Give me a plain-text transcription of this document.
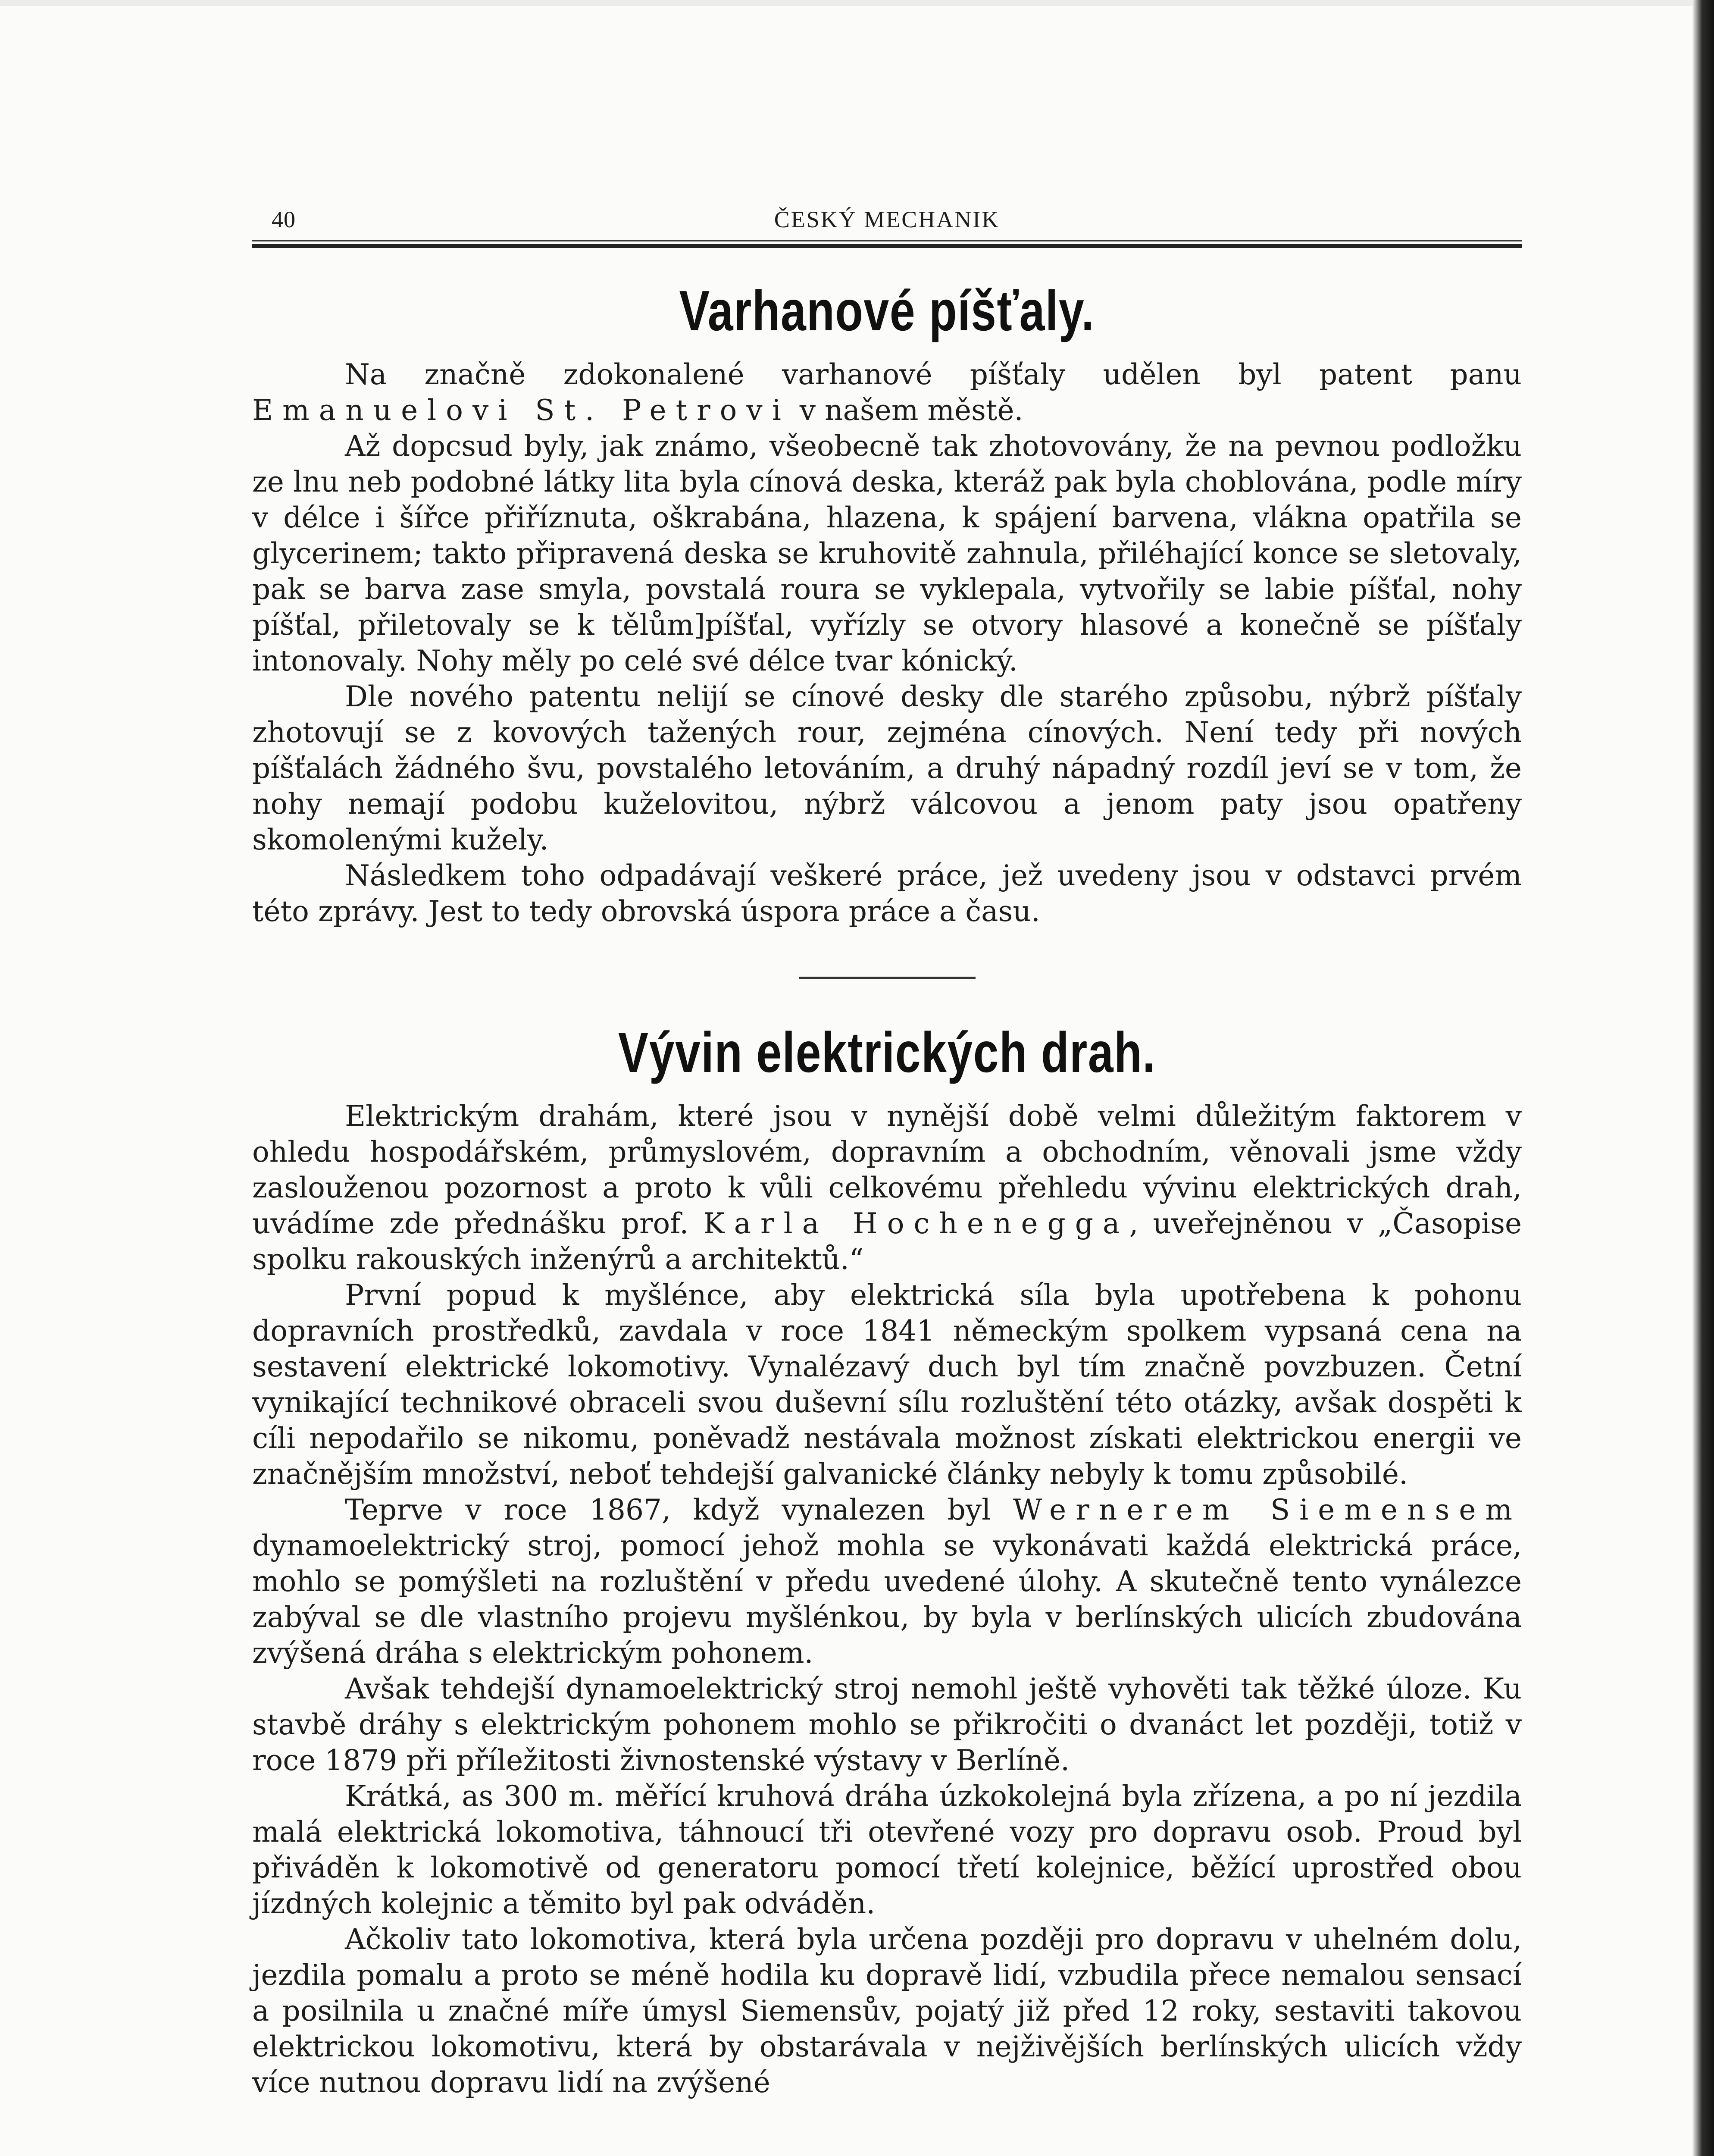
40	ČESKÝ MECHANIK
Varhanové píšťaly.

Na značně zdokonalené varhanové píšťaly udělen byl patent panu Emanuelovi St. Petrovi v našem městě.

Až dopcsud byly, jak známo, všeobecně tak zhotovovány, že na pevnou podložku ze lnu neb podobné látky lita byla cínová deska, kteráž pak byla choblována, podle míry v délce i šířce přiříznuta, oškrabána, hlazena, k spájení barvena, vlákna opatřila se glycerinem; takto připravená deska se kruhovitě zahnula, přiléhající konce se sletovaly, pak se barva zase smyla, povstalá roura se vyklepala, vytvořily se labie píšťal, nohy píšťal, přiletovaly se k tělům]píšťal, vyřízly se otvory hlasové a konečně se píšťaly intonovaly. Nohy měly po celé své délce tvar kónický.

Dle nového patentu nelijí se cínové desky dle starého způsobu, nýbrž píšťaly zhotovují se z kovových tažených rour, zejména cínových. Není tedy při nových píšťalách žádného švu, povstalého letováním, a druhý nápadný rozdíl jeví se v tom, že nohy nemají podobu kuželovitou, nýbrž válcovou a jenom paty jsou opatřeny skomolenými kužely.

Následkem toho odpadávají veškeré práce, jež uvedeny jsou v odstavci prvém této zprávy. Jest to tedy obrovská úspora práce a času.

Vývin elektrických drah.

Elektrickým drahám, které jsou v nynější době velmi důležitým faktorem v ohledu hospodářském, průmyslovém, dopravním a obchodním, věnovali jsme vždy zaslouženou pozornost a proto k vůli celkovému přehledu vývinu elektrických drah, uvádíme zde přednášku prof. Karla Hochenegga, uveřejněnou v „Časopise spolku rakouských inženýrů a architektů.“

První popud k myšlénce, aby elektrická síla byla upotřebena k pohonu dopravních prostředků, zavdala v roce 1841 německým spolkem vypsaná cena na sestavení elektrické lokomotivy. Vynalézavý duch byl tím značně povzbuzen. Četní vynikající technikové obraceli svou duševní sílu rozluštění této otázky, avšak dospěti k cíli nepodařilo se nikomu, poněvadž nestávala možnost získati elektrickou energii ve značnějším množství, neboť tehdejší galvanické články nebyly k tomu způsobilé.

Teprve v roce 1867, když vynalezen byl Wernerem Siemensem dynamoelektrický stroj, pomocí jehož mohla se vykonávati každá elektrická práce, mohlo se pomýšleti na rozluštění v předu uvedené úlohy. A skutečně tento vynálezce zabýval se dle vlastního projevu myšlénkou, by byla v berlínských ulicích zbudována zvýšená dráha s elektrickým pohonem.

Avšak tehdejší dynamoelektrický stroj nemohl ještě vyhověti tak těžké úloze. Ku stavbě dráhy s elektrickým pohonem mohlo se přikročiti o dvanáct let později, totiž v roce 1879 při příležitosti živnostenské výstavy v Berlíně.

Krátká, as 300 m. měřící kruhová dráha úzkokolejná byla zřízena, a po ní jezdila malá elektrická lokomotiva, táhnoucí tři otevřené vozy pro dopravu osob. Proud byl přiváděn k lokomotivě od generatoru pomocí třetí kolejnice, běžící uprostřed obou jízdných kolejnic a těmito byl pak odváděn.

Ačkoliv tato lokomotiva, která byla určena později pro dopravu v uhelném dolu, jezdila pomalu a proto se méně hodila ku dopravě lidí, vzbudila přece nemalou sensací a posilnila u značné míře úmysl Siemensův, pojatý již před 12 roky, sestaviti takovou elektrickou lokomotivu, která by obstarávala v nejživějších berlínských ulicích vždy více nutnou dopravu lidí na zvýšené
